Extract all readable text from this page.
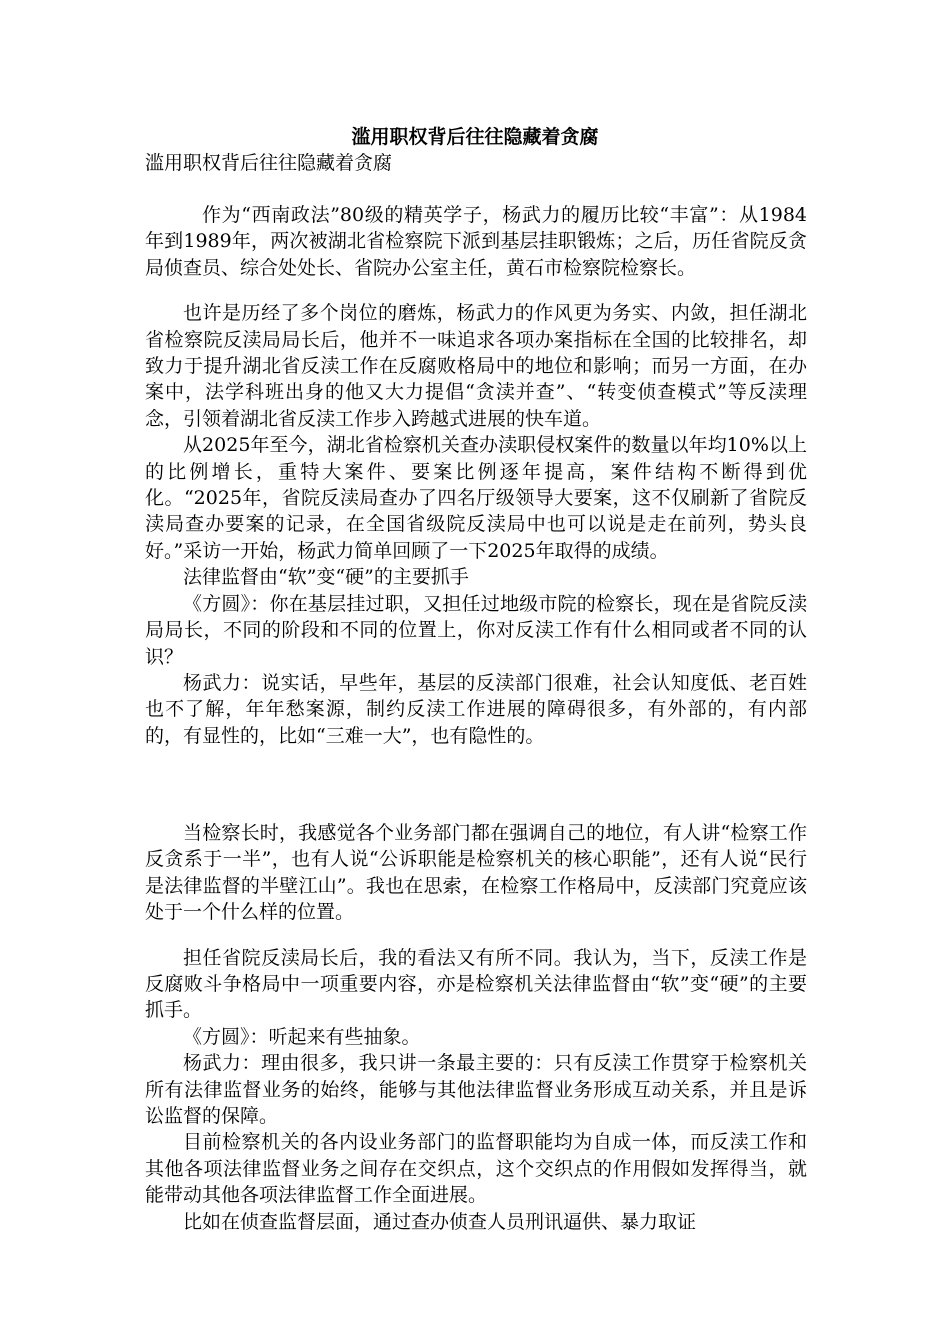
滥用职权背后往往隐藏着贪腐
滥用职权背后往往隐藏着贪腐

作为“西南政法”80级的精英学子，杨武力的履历比较“丰富”：从1984年到1989年，两次被湖北省检察院下派到基层挂职锻炼；之后，历任省院反贪局侦查员、综合处处长、省院办公室主任，黄石市检察院检察长。

也许是历经了多个岗位的磨炼，杨武力的作风更为务实、内敛，担任湖北省检察院反渎局局长后，他并不一味追求各项办案指标在全国的比较排名，却致力于提升湖北省反渎工作在反腐败格局中的地位和影响；而另一方面，在办案中，法学科班出身的他又大力提倡“贪渎并查”、“转变侦查模式”等反渎理念，引领着湖北省反渎工作步入跨越式进展的快车道。

从2025年至今，湖北省检察机关查办渎职侵权案件的数量以年均10%以上的比例增长，重特大案件、要案比例逐年提高，案件结构不断得到优化。“2025年，省院反渎局查办了四名厅级领导大要案，这不仅刷新了省院反渎局查办要案的记录，在全国省级院反渎局中也可以说是走在前列，势头良好。”采访一开始，杨武力简单回顾了一下2025年取得的成绩。

法律监督由“软”变“硬”的主要抓手

《方圆》：你在基层挂过职，又担任过地级市院的检察长，现在是省院反渎局局长，不同的阶段和不同的位置上，你对反渎工作有什么相同或者不同的认识？

杨武力：说实话，早些年，基层的反渎部门很难，社会认知度低、老百姓也不了解，年年愁案源，制约反渎工作进展的障碍很多，有外部的，有内部的，有显性的，比如“三难一大”，也有隐性的。

当检察长时，我感觉各个业务部门都在强调自己的地位，有人讲“检察工作反贪系于一半”，也有人说“公诉职能是检察机关的核心职能”，还有人说“民行是法律监督的半壁江山”。我也在思索，在检察工作格局中，反渎部门究竟应该处于一个什么样的位置。

担任省院反渎局长后，我的看法又有所不同。我认为，当下，反渎工作是反腐败斗争格局中一项重要内容，亦是检察机关法律监督由“软”变“硬”的主要抓手。

《方圆》：听起来有些抽象。

杨武力：理由很多，我只讲一条最主要的：只有反渎工作贯穿于检察机关所有法律监督业务的始终，能够与其他法律监督业务形成互动关系，并且是诉讼监督的保障。

目前检察机关的各内设业务部门的监督职能均为自成一体，而反渎工作和其他各项法律监督业务之间存在交织点，这个交织点的作用假如发挥得当，就能带动其他各项法律监督工作全面进展。

比如在侦查监督层面，通过查办侦查人员刑讯逼供、暴力取证
